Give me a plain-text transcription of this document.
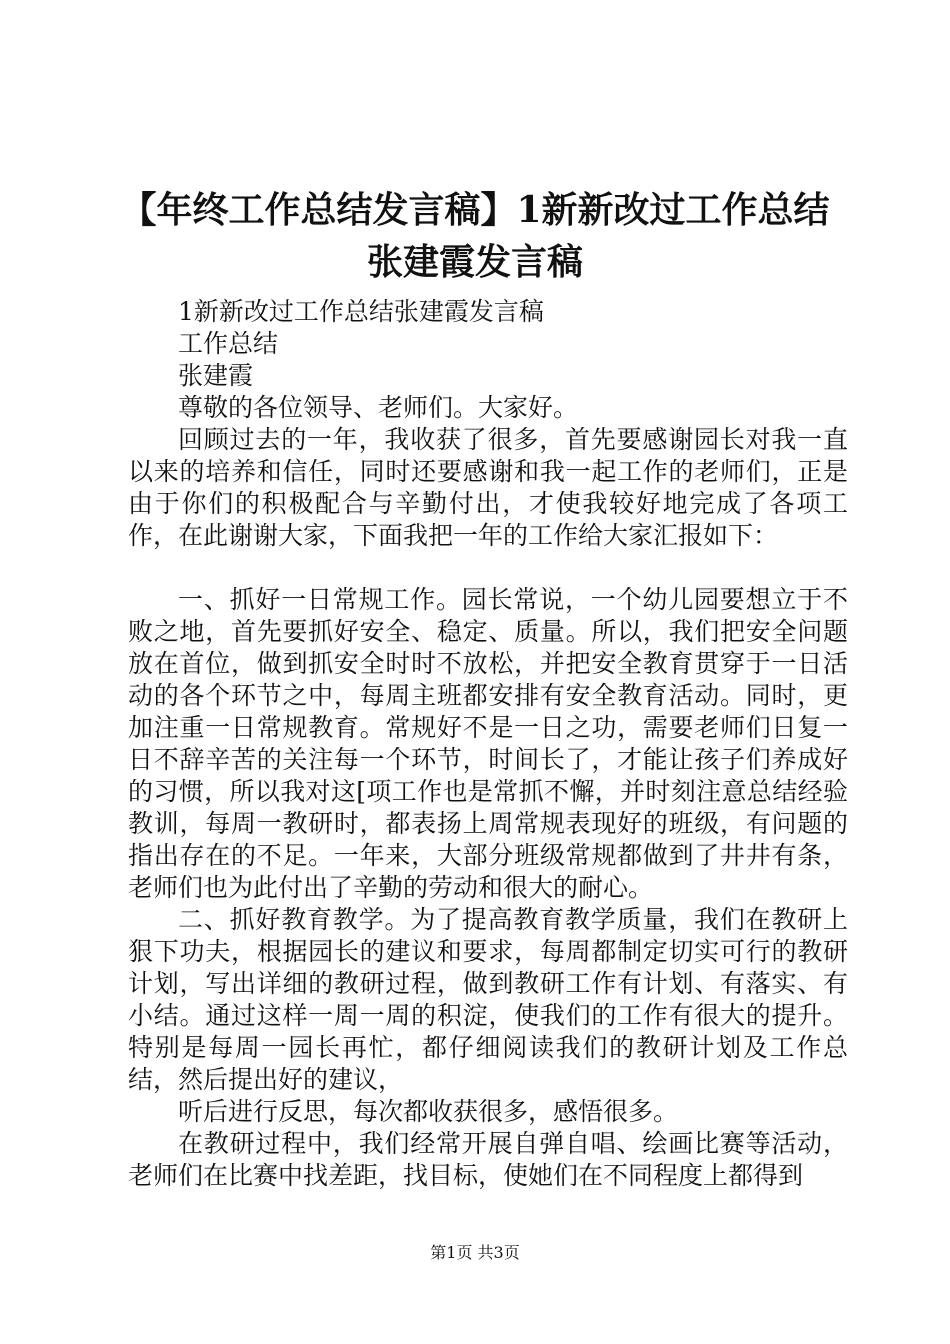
【年终工作总结发言稿】1新新改过工作总结
张建霞发言稿

1新新改过工作总结张建霞发言稿

工作总结

张建霞

尊敬的各位领导、老师们。大家好。

回顾过去的一年，我收获了很多，首先要感谢园长对我一直以来的培养和信任，同时还要感谢和我一起工作的老师们，正是由于你们的积极配合与辛勤付出，才使我较好地完成了各项工作，在此谢谢大家，下面我把一年的工作给大家汇报如下：

一、抓好一日常规工作。园长常说，一个幼儿园要想立于不败之地，首先要抓好安全、稳定、质量。所以，我们把安全问题放在首位，做到抓安全时时不放松，并把安全教育贯穿于一日活动的各个环节之中，每周主班都安排有安全教育活动。同时，更加注重一日常规教育。常规好不是一日之功，需要老师们日复一日不辞辛苦的关注每一个环节，时间长了，才能让孩子们养成好的习惯，所以我对这[项工作也是常抓不懈，并时刻注意总结经验教训，每周一教研时，都表扬上周常规表现好的班级，有问题的指出存在的不足。一年来，大部分班级常规都做到了井井有条，老师们也为此付出了辛勤的劳动和很大的耐心。

二、抓好教育教学。为了提高教育教学质量，我们在教研上狠下功夫，根据园长的建议和要求，每周都制定切实可行的教研计划，写出详细的教研过程，做到教研工作有计划、有落实、有小结。通过这样一周一周的积淀，使我们的工作有很大的提升。特别是每周一园长再忙，都仔细阅读我们的教研计划及工作总结，然后提出好的建议，

听后进行反思，每次都收获很多，感悟很多。

在教研过程中，我们经常开展自弹自唱、绘画比赛等活动，老师们在比赛中找差距，找目标，使她们在不同程度上都得到

第1页 共3页
